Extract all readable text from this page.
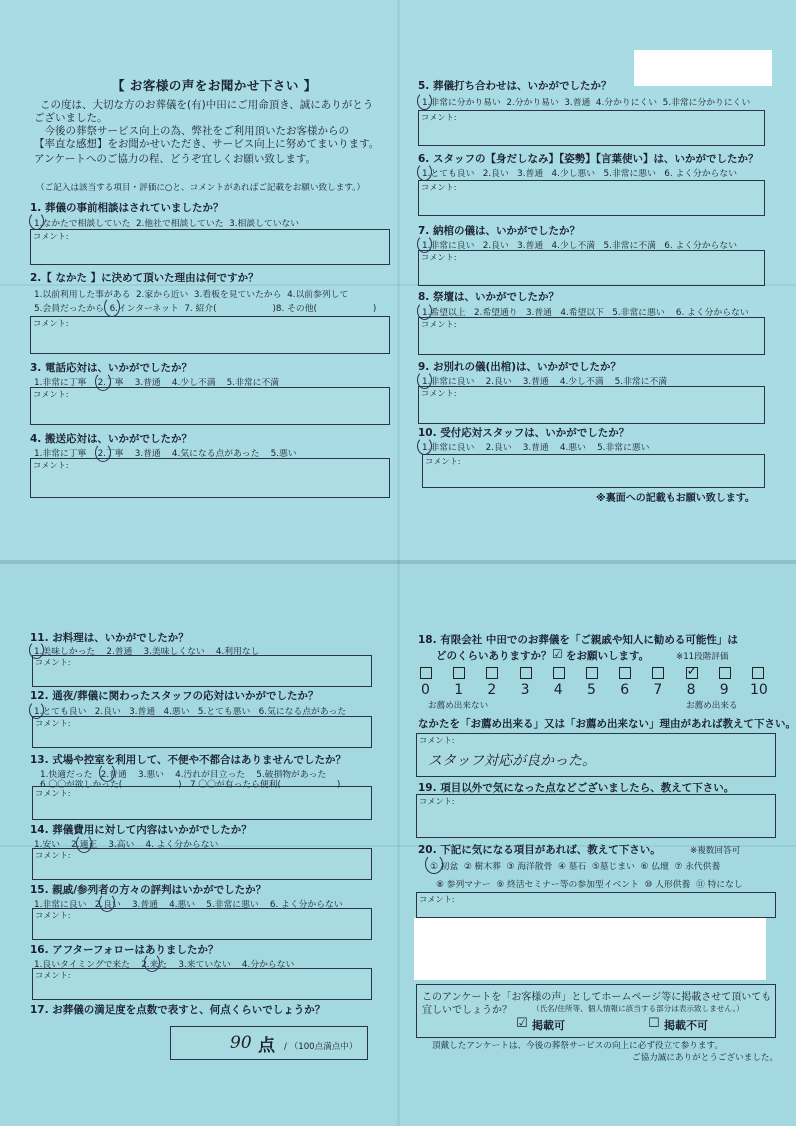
【 お客様の声をお聞かせ下さい 】
この度は、大切な方のお葬儀を(有)中田にご用命頂き、誠にありがとう
ございました。
　今後の葬祭サービス向上の為、弊社をご利用頂いたお客様からの
【率直な感想】をお聞かせいただき、サービス向上に努めてまいります。
アンケートへのご協力の程、どうぞ宜しくお願い致します。
（ご記入は該当する項目・評価に○と、コメントがあればご記載をお願い致します。）
1. 葬儀の事前相談はされていましたか？
1.なかたで相談していた  2.他社で相談していた  3.相談していない
コメント:
2.【 なかた 】に決めて頂いた理由は何ですか？
1.以前利用した事がある  2.家から近い  3.看板を見ていたから  4.以前参列して
5.会員だったから  6.インターネット  7. 紹介(                    )8. その他(                    )
コメント:
3. 電話応対は、いかがでしたか？
1.非常に丁寧    2.丁寧    3.普通    4.少し不満    5.非常に不満
コメント:
4. 搬送応対は、いかがでしたか？
1.非常に丁寧    2.丁寧    3.普通    4.気になる点があった    5.悪い
コメント:
5. 葬儀打ち合わせは、いかがでしたか？
1.非常に分かり易い  2.分かり易い  3.普通  4.分かりにくい  5.非常に分かりにくい
コメント:
6. スタッフの【身だしなみ】【姿勢】【言葉使い】は、いかがでしたか？
1.とても良い   2.良い   3.普通   4.少し悪い   5.非常に悪い   6. よく分からない
コメント:
7. 納棺の儀は、いかがでしたか？
1.非常に良い   2.良い   3.普通   4.少し不満   5.非常に不満   6. よく分からない
コメント:
8. 祭壇は、いかがでしたか？
1.希望以上   2.希望通り   3.普通   4.希望以下   5.非常に悪い    6. よく分からない
コメント:
9. お別れの儀(出棺)は、いかがでしたか？
1.非常に良い    2.良い    3.普通    4.少し不満    5.非常に不満
コメント:
10. 受付応対スタッフは、いかがでしたか？
1.非常に良い    2.良い    3.普通    4.悪い    5.非常に悪い
コメント:
※裏面への記載もお願い致します。
11. お料理は、いかがでしたか？
1.美味しかった    2.普通    3.美味しくない    4.利用なし
コメント:
12. 通夜/葬儀に関わったスタッフの応対はいかがでしたか？
1.とても良い   2.良い   3.普通   4.悪い   5.とても悪い   6.気になる点があった
コメント:
13. 式場や控室を利用して、不便や不都合はありませんでしたか？
1.快適だった   2.普通    3.悪い    4.汚れが目立った    5.破損物があった
6.〇〇が欲しかった(                    )   7.〇〇が有ったら便利(                    )
コメント:
14. 葬儀費用に対して内容はいかがでしたか？
1.安い    2.適正    3.高い    4. よく分からない
コメント:
15. 親戚/参列者の方々の評判はいかがでしたか？
1.非常に良い   2.良い    3.普通    4.悪い    5.非常に悪い    6. よく分からない
コメント:
16. アフターフォローはありましたか？
1.良いタイミングで来た    2.来た    3.来ていない    4.分からない
コメント:
17. お葬儀の満足度を点数で表すと、何点くらいでしょうか？
90 点 / （100点満点中）
18. 有限会社 中田でのお葬儀を「ご親戚や知人に勧める可能性」は
どのくらいありますか？ ☑ をお願いします。	※11段階評価
0 1 2 3 4 5 6 7
✓
8 9 10
お薦め出来ない	お薦め出来る
なかたを「お薦め出来る」又は「お薦め出来ない」理由があれば教えて下さい。
コメント:
スタッフ対応が良かった。
19. 項目以外で気になった点などございましたら、教えて下さい。
コメント:
20. 下記に気になる項目があれば、教えて下さい。	※複数回答可
① 初盆  ② 樹木葬  ③ 海洋散骨  ④ 墓石  ⑤墓じまい  ⑥ 仏壇  ⑦ 永代供養
⑧ 参列マナー  ⑨ 終活セミナー等の参加型イベント  ⑩ 人形供養  ⑪ 特になし
コメント:
このアンケートを「お客様の声」としてホームページ等に掲載させて頂いても
宜しいでしょうか？	（氏名/住所等、個人情報に該当する部分は表示致しません。）
☑ 掲載可	☐ 掲載不可
頂戴したアンケートは、今後の葬祭サービスの向上に必ず役立て参ります。
ご協力誠にありがとうございました。
